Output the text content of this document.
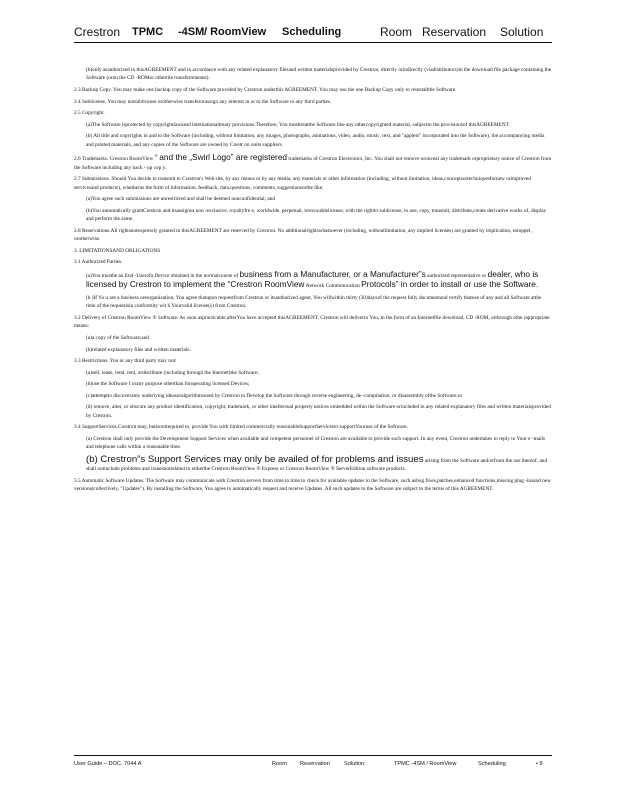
Crestron TPMC -4SM / RoomView Scheduling	Room Reservation Solution

(b)only asauthorized in thisAGREEMENT and in accordance with any related explanatory filesand written materialsprovided by Crestron, directly orindirectly (viadistributors)in the download file package containing the Software (oron the CD -ROMor othertile transferomeans).

2.3 Backup Copy. You may make one backup copy of the Software provided by Crestron underthis AGREEMENT. You may use the one Backup Copy only to reinstallthe Software.

2.4 Sublicense. You may notsublicense orotherwise transferorassign any interest in or to the Software to any third parties.

2.5 Copyright.

(a)The Software isprotected by copyrightlawsand internationaltreaty provisions.Therefore, You musttreatthe Software like any othercopyrighted material, subjectto the provisionsof thisAGREEMENT.

(b) All title and copyrights in and to the Software (including, without limitation, any images, photographs, animations, video, audio, music, text, and "applets" incorporated into the Software), the accompanying media and printed materials, and any copies of the Software are owned by Crestr on onits suppliers.

2.6 Trademarks. Crestron RoomView ® and the „Swirl Logo” are registered trademarks of Crestron Electronics, Inc. You shall not remove oronceal any trademark orproprietary notice of Crestron from the Software including any back - up cop y.

2.7 Submissions. Should You decide to transmit to Crestron's Web site, by any means or by any media, any materials or other information (including, without limitation, ideas,conceptsortechniquesfornew orimproved servicesand products), whetheras the form of information, feedback, data,questions, comments, suggestionsorthe like;

(a)You agree such submissions are unrestricted and shall be deemed nonconfidential; and

(b)You automatically grantCrestron and itsassignsa non -exclusive, royaltyfre e, worldwide, perpetual, irrevocablelicense, with the rightto sublicense, to use, copy, transmit, distribute,create derivative works of, display and perform the same.

2.8 Reservations.All rightsnotexpressly granted in thisAGREEMENT are reserved by Crestron. No additionalrightswhatsoever (including, withoutlimitation, any implied licenses) are granted by implication, estoppel, orotherwise.

3. LIMITATIONSAND OBLIGATIONS

3.1 Authorized Parties.

(a)You mustbe an End -Userofa Device obtained in the normalcourse of business from a Manufacturer, or a Manufacturer”s authorized representative or dealer, who is licensed by Crestron to implement the “Crestron RoomView Network Communication Protocols” in order to install or use the Software.

(b )If Yo u are a business oreorganization, You agree thatupon requestfrom Crestron or itsauthorized agent, You willwithin thirty (30)daysof the request fully documentand certify thatuse of any and all Software atthe time of the requestisin conformity wit h Yourvalid license(s) from Crestron.

3.2 Delivery of Crestron RoomView ® Software. As soon aspracticable,afterYou have accepted thisAGREEMENT, Crestron will deliverto You, in the form of an Internetfile download, CD -ROM, orthrough othe rappropriate means:

(a)a copy of the Software;and

(b)related explanatory files and written materials.

3.3 Restrictions. You or any third party may not:

(a)sell, lease, lend, rent, ordistribute (including through the Internet)the Software;

(b)use the Software f orany purpose otherthan foroperating licensed Devices;

(c)attemptto discoveramy underlying ideasoralgorithmsused by Crestron to Develop the Software through reverse engineering, de -compilation, or disassembly ofthe Software;or

(d) remove, alter, or obscure any product identification, copyright, trademark, or other intellectual property notices embedded within the Software orincluded in any related explanatory files and written materialsprovided by Crestron.

3.4 SupportServices.Crestron may, butisnotrequired to, provide You with limited commercially reasonableSupportServicesto supportYouruse of the Software.

(a) Crestron shall only provide the Development Support Services when available and competent personnel of Crestron are available to provide such support. In any event, Crestron undertakes to reply to Your e -mails and telephone calls within a reasonable time.

(b) Crestron”s Support Services may only be availed of for problems and issues arising from the Software and/orfrom the use thereof, and shall notinclude problems and issuesnotrelated to eitherthe Crestron RoomView ® Express or Crestron RoomView ® ServerEdition software products.

3.5 Automatic Software Updates. The Software may communicate with Crestron servers from time to time to check for available updates to the Software, such asbug fixes,patches,enhanced functions,missing plug -insand new versions(collectively, "Updates"). By installing the Software, You agree to automatically request and receive Updates. All such updates to the Software are subject to the terms of this AGREEMENT.

User Guide – DOC. 7044 A	Room Reservation	Solution:	TPMC -4SM / RoomView	Scheduling	• 9
